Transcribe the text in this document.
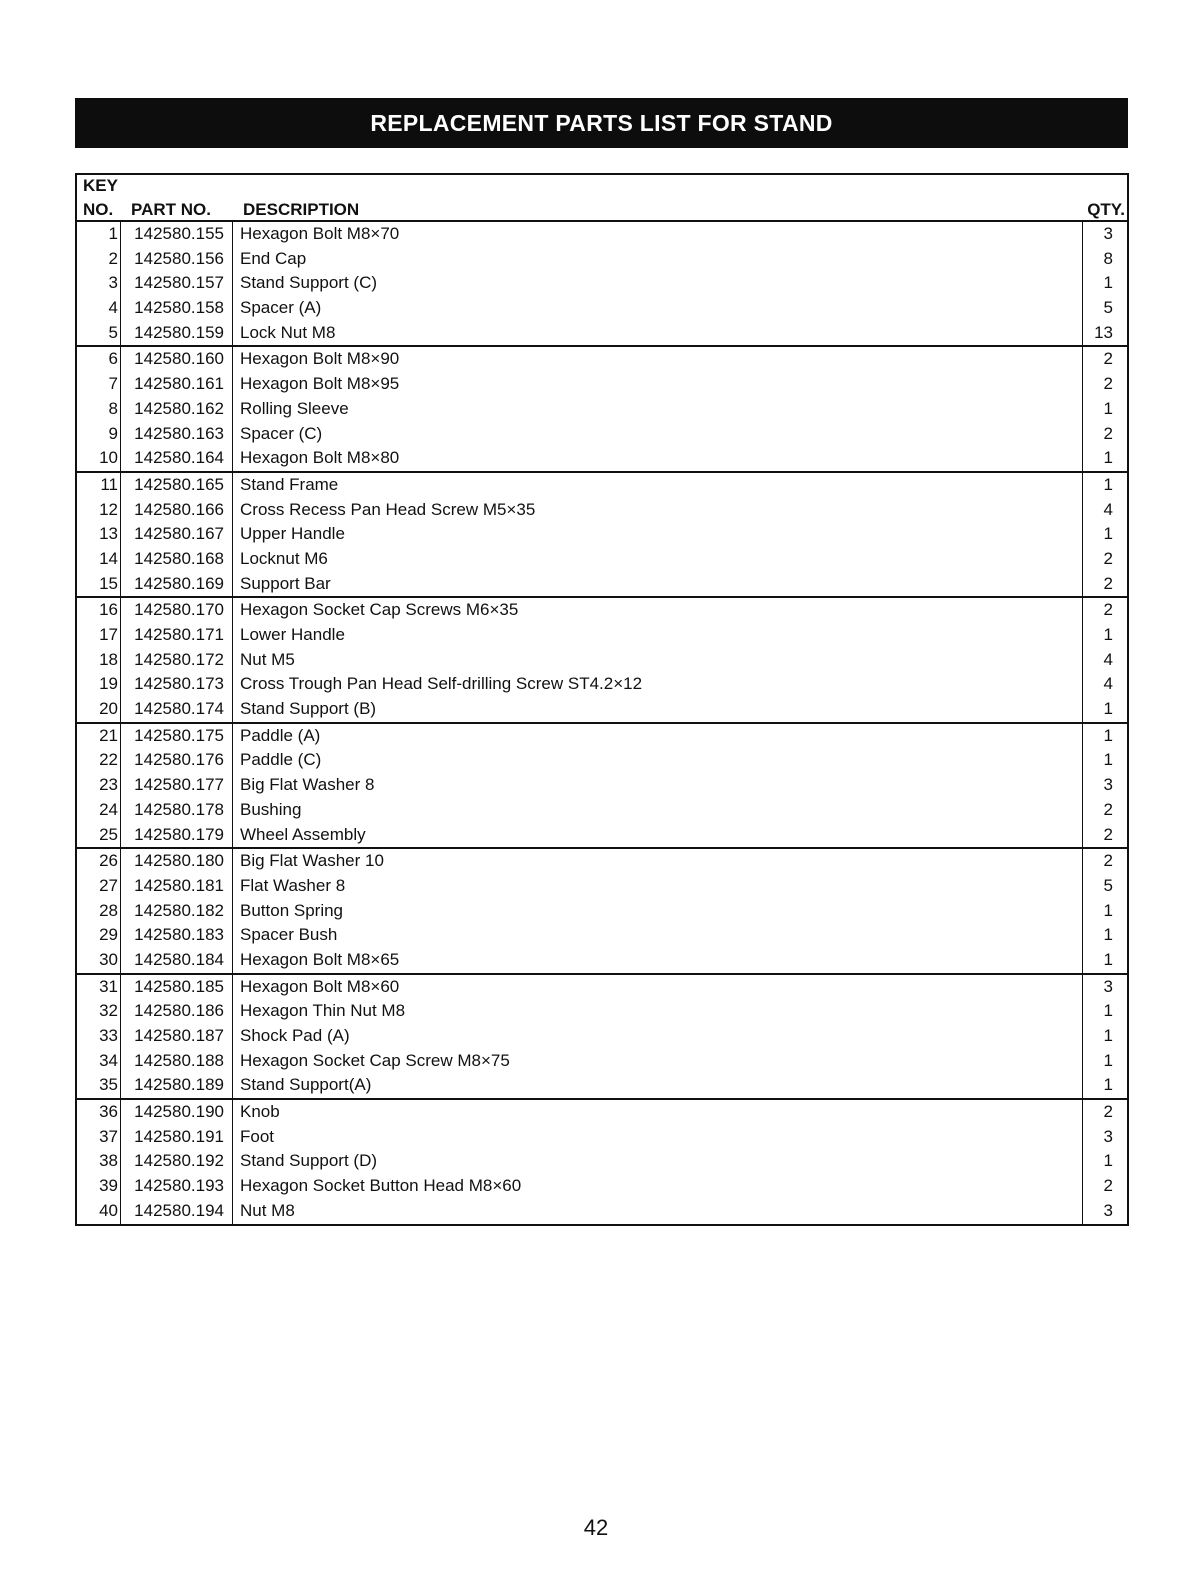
REPLACEMENT PARTS LIST FOR STAND
KEY
NO. PART NO. DESCRIPTION	QTY.
1 142580.155 Hexagon Bolt M8×70	3
2 142580.156 End Cap	8
3 142580.157 Stand Support (C)	1
4 142580.158 Spacer (A)	5
5 142580.159 Lock Nut M8	13
6 142580.160 Hexagon Bolt M8×90	2
7 142580.161 Hexagon Bolt M8×95	2
8 142580.162 Rolling Sleeve	1
9 142580.163 Spacer (C)	2
10 142580.164 Hexagon Bolt M8×80	1
11 142580.165 Stand Frame	1
12 142580.166 Cross Recess Pan Head Screw M5×35	4
13 142580.167 Upper Handle	1
14 142580.168 Locknut M6	2
15 142580.169 Support Bar	2
16 142580.170 Hexagon Socket Cap Screws M6×35	2
17 142580.171 Lower Handle	1
18 142580.172 Nut M5	4
19 142580.173 Cross Trough Pan Head Self-drilling Screw ST4.2×12	4
20 142580.174 Stand Support (B)	1
21 142580.175 Paddle (A)	1
22 142580.176 Paddle (C)	1
23 142580.177 Big Flat Washer 8	3
24 142580.178 Bushing	2
25 142580.179 Wheel Assembly	2
26 142580.180 Big Flat Washer 10	2
27 142580.181 Flat Washer 8	5
28 142580.182 Button Spring	1
29 142580.183 Spacer Bush	1
30 142580.184 Hexagon Bolt M8×65	1
31 142580.185 Hexagon Bolt M8×60	3
32 142580.186 Hexagon Thin Nut M8	1
33 142580.187 Shock Pad (A)	1
34 142580.188 Hexagon Socket Cap Screw M8×75	1
35 142580.189 Stand Support(A)	1
36 142580.190 Knob	2
37 142580.191 Foot	3
38 142580.192 Stand Support (D)	1
39 142580.193 Hexagon Socket Button Head M8×60	2
40 142580.194 Nut M8	3
42
